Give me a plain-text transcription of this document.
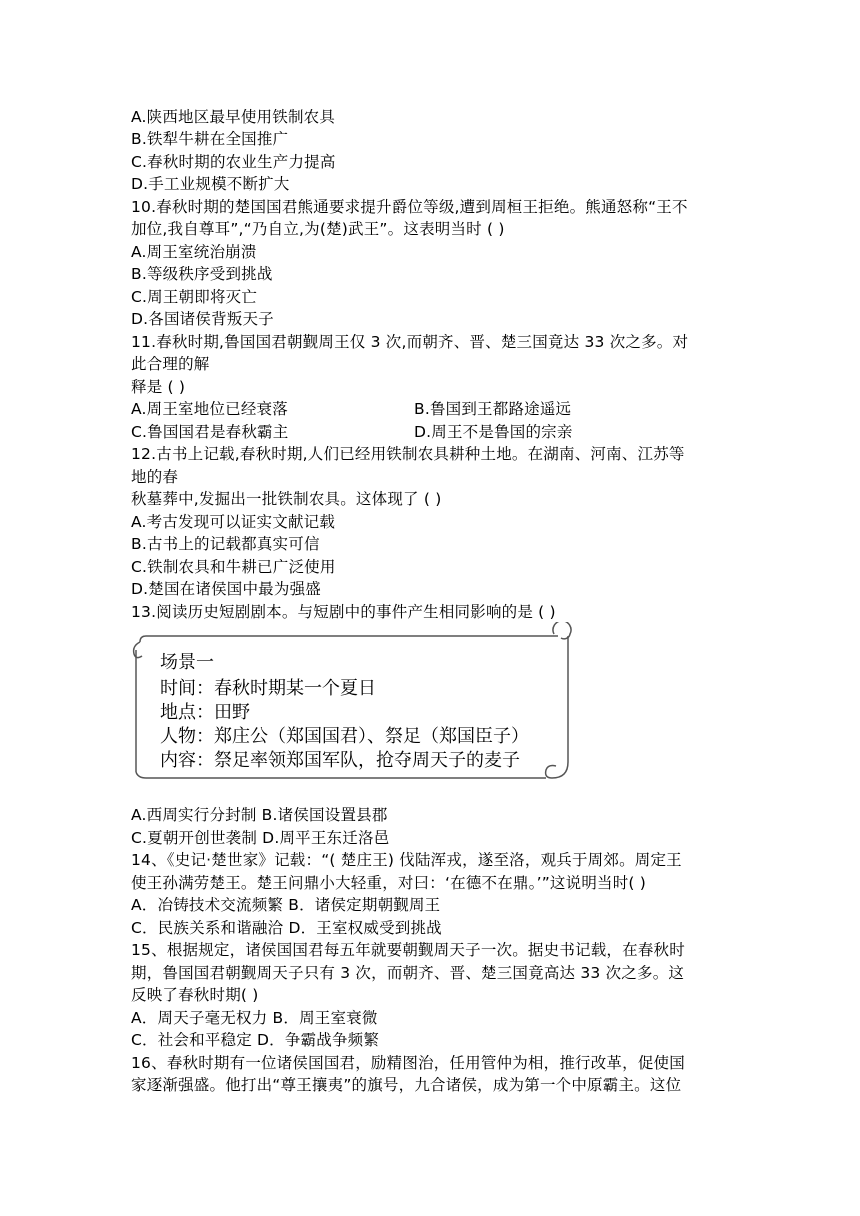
A.陕西地区最早使用铁制农具
B.铁犁牛耕在全国推广
C.春秋时期的农业生产力提高
D.手工业规模不断扩大
10.春秋时期的楚国国君熊通要求提升爵位等级,遭到周桓王拒绝。熊通怒称“王不
加位,我自尊耳”,“乃自立,为(楚)武王”。这表明当时 ( )
A.周王室统治崩溃
B.等级秩序受到挑战
C.周王朝即将灭亡
D.各国诸侯背叛天子
11.春秋时期,鲁国国君朝觐周王仅 3 次,而朝齐、晋、楚三国竟达 33 次之多。对
此合理的解
释是 ( )
A.周王室地位已经衰落	B.鲁国到王都路途遥远
C.鲁国国君是春秋霸主	D.周王不是鲁国的宗亲
12.古书上记载,春秋时期,人们已经用铁制农具耕种土地。在湖南、河南、江苏等
地的春
秋墓葬中,发掘出一批铁制农具。这体现了 ( )
A.考古发现可以证实文献记载
B.古书上的记载都真实可信
C.铁制农具和牛耕已广泛使用
D.楚国在诸侯国中最为强盛
13.阅读历史短剧剧本。与短剧中的事件产生相同影响的是 ( )
场景一
时间：春秋时期某一个夏日
地点：田野
人物：郑庄公（郑国国君）、祭足（郑国臣子）
内容：祭足率领郑国军队，抢夺周天子的麦子
A.西周实行分封制 B.诸侯国设置县郡
C.夏朝开创世袭制 D.周平王东迁洛邑
14、《史记·楚世家》记载：“( 楚庄王) 伐陆浑戎，遂至洛，观兵于周郊。周定王
使王孙满劳楚王。楚王问鼎小大轻重，对曰：‘在德不在鼎。’”这说明当时( )
A．冶铸技术交流频繁 B．诸侯定期朝觐周王
C．民族关系和谐融洽 D．王室权威受到挑战
15、根据规定，诸侯国国君每五年就要朝觐周天子一次。据史书记载，在春秋时
期，鲁国国君朝觐周天子只有 3 次，而朝齐、晋、楚三国竟高达 33 次之多。这
反映了春秋时期( )
A．周天子毫无权力 B．周王室衰微
C．社会和平稳定 D．争霸战争频繁
16、春秋时期有一位诸侯国国君，励精图治，任用管仲为相，推行改革，促使国
家逐渐强盛。他打出“尊王攘夷”的旗号，九合诸侯，成为第一个中原霸主。这位
